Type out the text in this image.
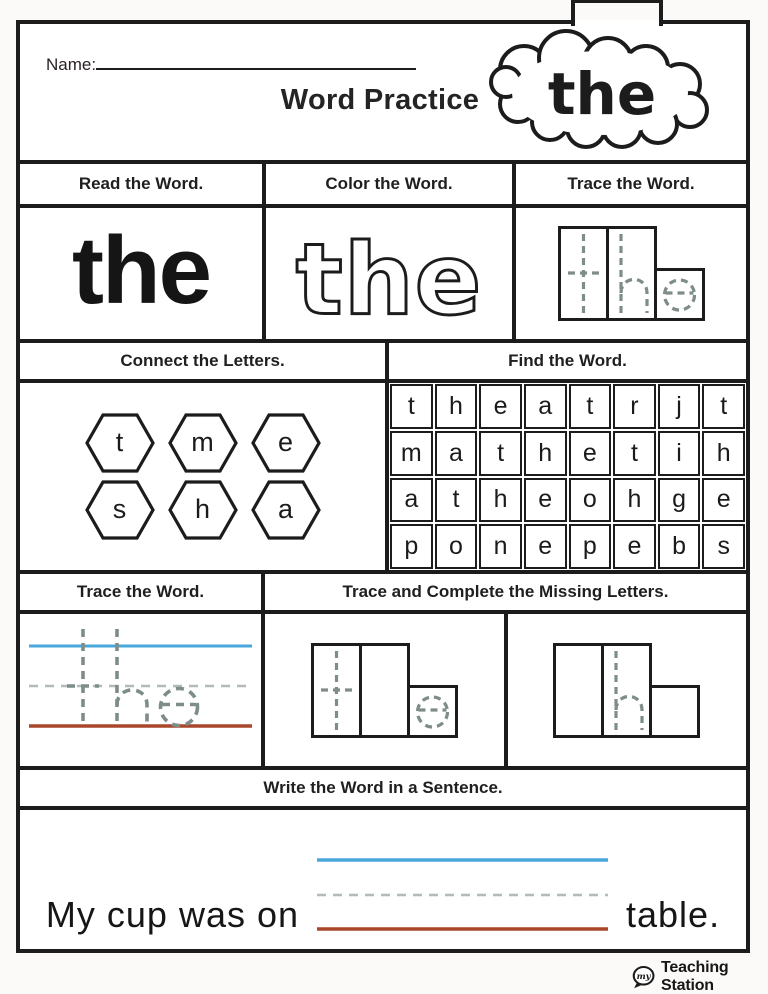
Name:
Word Practice
Read the Word.	Color the Word.	Trace the Word.
the the
Connect the Letters.
t	m	e
s	h	a
Find the Word.
t	h	e	a	t	r	j	t
m	a	t	h	e	t	i	h
a	t	h	e	o	h	g	e
p	o	n	e	p	e	b	s
Trace the Word.	Trace and Complete the Missing Letters.
Write the Word in a Sentence.
My cup was on	table.
the
my
Teaching Station
